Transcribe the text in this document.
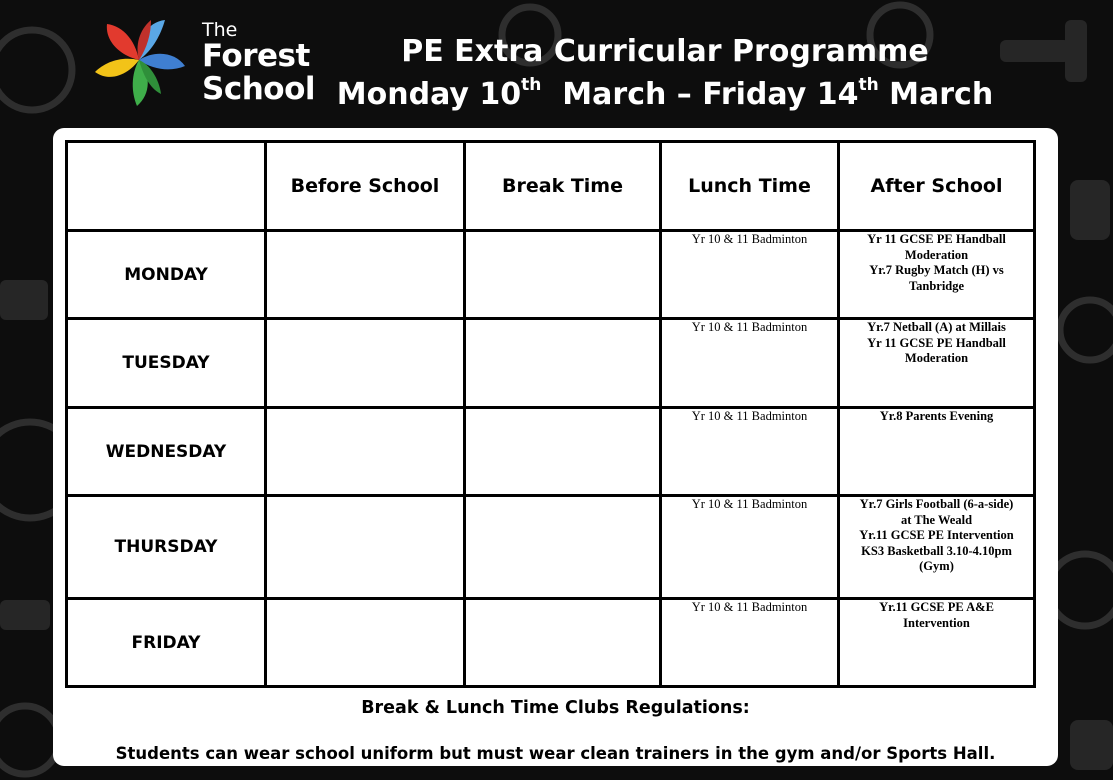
The
Forest
School
PE Extra Curricular Programme
Monday 10th March – Friday 14th March
	Before School	Break Time	Lunch Time	After School
MONDAY			Yr 10 & 11 Badminton	Yr 11 GCSE PE Handball
Moderation
Yr.7 Rugby Match (H) vs
Tanbridge

TUESDAY			Yr 10 & 11 Badminton	Yr.7 Netball (A) at Millais
Yr 11 GCSE PE Handball
Moderation

WEDNESDAY			Yr 10 & 11 Badminton	Yr.8 Parents Evening

THURSDAY			Yr 10 & 11 Badminton	Yr.7 Girls Football (6-a-side)
at The Weald
Yr.11 GCSE PE Intervention
KS3 Basketball 3.10-4.10pm
(Gym)

FRIDAY			Yr 10 & 11 Badminton	Yr.11 GCSE PE A&E
Intervention
Break & Lunch Time Clubs Regulations:
Students can wear school uniform but must wear clean trainers in the gym and/or Sports Hall.
